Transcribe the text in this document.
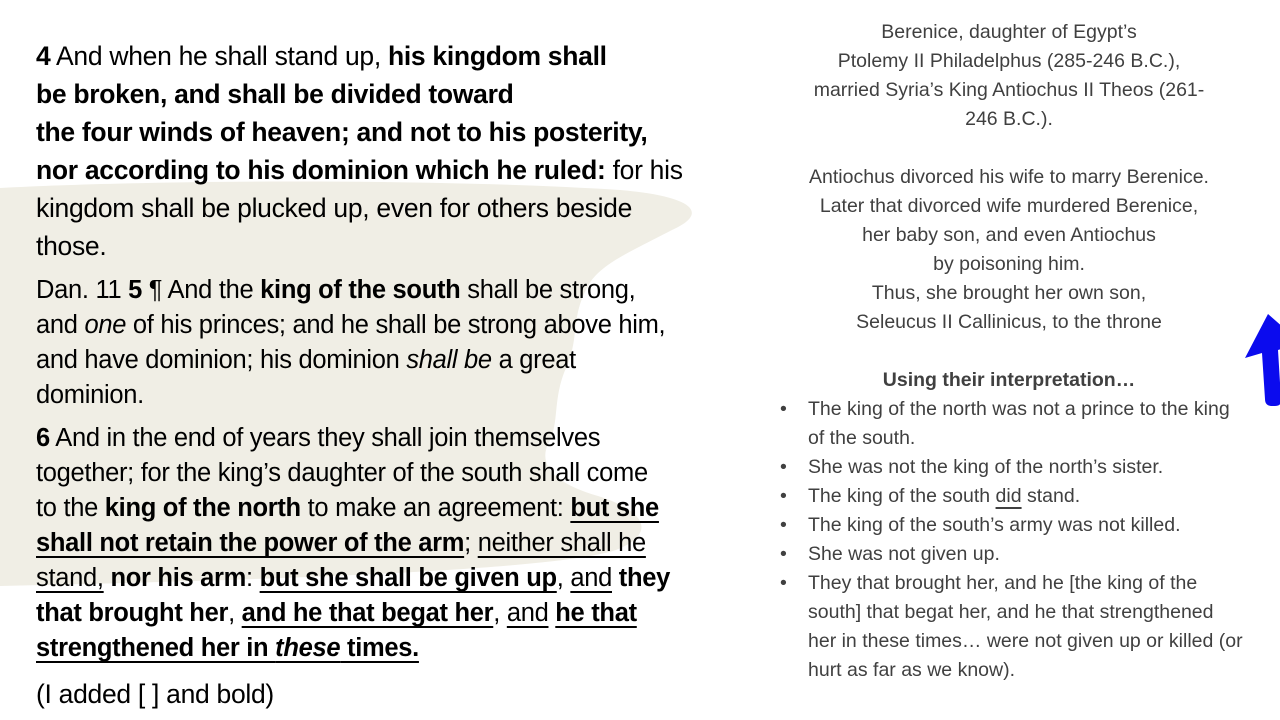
4 And when he shall stand up, his kingdom shall
be broken, and shall be divided toward
the four winds of heaven; and not to his posterity,
nor according to his dominion which he ruled: for his
kingdom shall be plucked up, even for others beside
those.
Dan. 11 5 ¶ And the king of the south shall be strong,
and one of his princes; and he shall be strong above him,
and have dominion; his dominion shall be a great
dominion.
6 And in the end of years they shall join themselves
together; for the king’s daughter of the south shall come
to the king of the north to make an agreement: but she
shall not retain the power of the arm; neither shall he
stand, nor his arm: but she shall be given up, and they
that brought her, and he that begat her, and he that
strengthened her in these times.
(I added [ ] and bold)
Berenice, daughter of Egypt’s
Ptolemy II Philadelphus (285-246 B.C.),
married Syria’s King Antiochus II Theos (261-
246 B.C.).
Antiochus divorced his wife to marry Berenice.
Later that divorced wife murdered Berenice,
her baby son, and even Antiochus
by poisoning him.
Thus, she brought her own son,
Seleucus II Callinicus, to the throne
Using their interpretation…
•	The king of the north was not a prince to the king of the south.
•	She was not the king of the north’s sister.
•	The king of the south did stand.
•	The king of the south’s army was not killed.
•	She was not given up.
•	They that brought her, and he [the king of the south] that begat her, and he that strengthened her in these times… were not given up or killed (or hurt as far as we know).
